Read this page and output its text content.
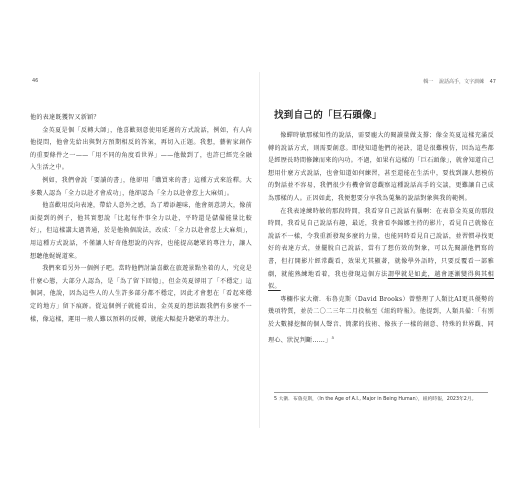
46	輯一 說話高手，文字訓練 47

他的表達既獲智又新穎？

金英夏是個「反轉大師」，他喜歡刻意使用延遲的方式說話，例如，有人向他提問，他會先給出與對方預期相反的答案，再切入正題。我想，藝術家創作的重要條件之一——「用不同的角度看世界」——他做到了，也許已經完全融入生活之中。

例如，我們會說「要讀的書」，他卻用「購買來的書」這種方式來詮釋。大多數人認為「全力以赴才會成功」，他卻認為「全力以赴會惹上大麻煩」。

他喜歡用反向表達，帶給人意外之感，為了增添趣味，他會刻意誇大，像前面提到的例子，他其實想說「比起每件事全力以赴，平時還是儲備能量比較好」，但這樣講太過普通，於是他換個說法，改成：「全力以赴會惹上大麻煩」，用這種方式說話，不僅讓人好奇他想說的內容，也能提高聽眾的專注力，讓人想聽他娓娓道來。

我們來看另外一個例子吧。當時他們討論喜歡在旅遊景點坐着的人，究竟是什麼心態，大部分人認為，是「為了留下回憶」，但金英夏卻用了「不穩定」這個詞，他說，因為這些人的人生許多部分都不穩定，因此才會想在「看起來穩定的地方」留下痕跡。從這個例子就能看出，金英夏的想法跟我們有多麼不一樣，像這樣，運用一般人難以預料的反轉，就能大幅提升聽眾的專注力。

找到自己的「巨石頭像」

像蟬時敏那樣知性的說話，需要龐大的閱讀量做支撐；像金英夏這樣充滿反轉的說話方式，則需要創意。即使知道他們的祕訣，還是很難模仿，因為這些都是經歷長時間修鍊而來的內功。不過，如果有這樣的「巨石頭像」，就會知道自己想用什麼方式說話，也會知道如何練習，甚至還能在生活中，要找到讓人想模仿的對話並不容易，我們很少有機會留意觀察這種說話高手的交談，更難讓自己成為那樣的人。正因如此，我便想要分享我為蒐集的說話對象與我的範例。

在我表達練時敏的那段時間，我看穿自己說話有腦啊：在表慕金英夏的那段時間，我看見自己說話有趣，最近，我會看李錦娜主持的影片，看見自己就像在說話不一樣，令我重新發現多麼的力量，也能同時看見自己說話，並習慣尋找更好的表達方式，並擺脫自己說話，當有了想仿效的對象，可以先閱讀他們寫的書，但打開影片經常觀看，效果尤其顯著，就像學外語時，只要反覆看一部雅劇，就能熟練地看着，我也發現這個方法謂學就是如此，越會逐漸變得與其相似。

專欄作家大衛．布魯克斯（David Brooks）曾整理了人類比AI更具優勢的幾項特質，並於二〇二三年二月投稿至《紐約時報》。他提到，人類具備：「有別於大數據挖掘的個人聲音、簡潔的技術、像孩子一樣的創意、特殊的世界觀、同理心、狀況判斷……」$^5$

5 大衛．布魯克斯，〈In the Age of A.I., Major in Being Human〉，紐約時報，2023年2月。
